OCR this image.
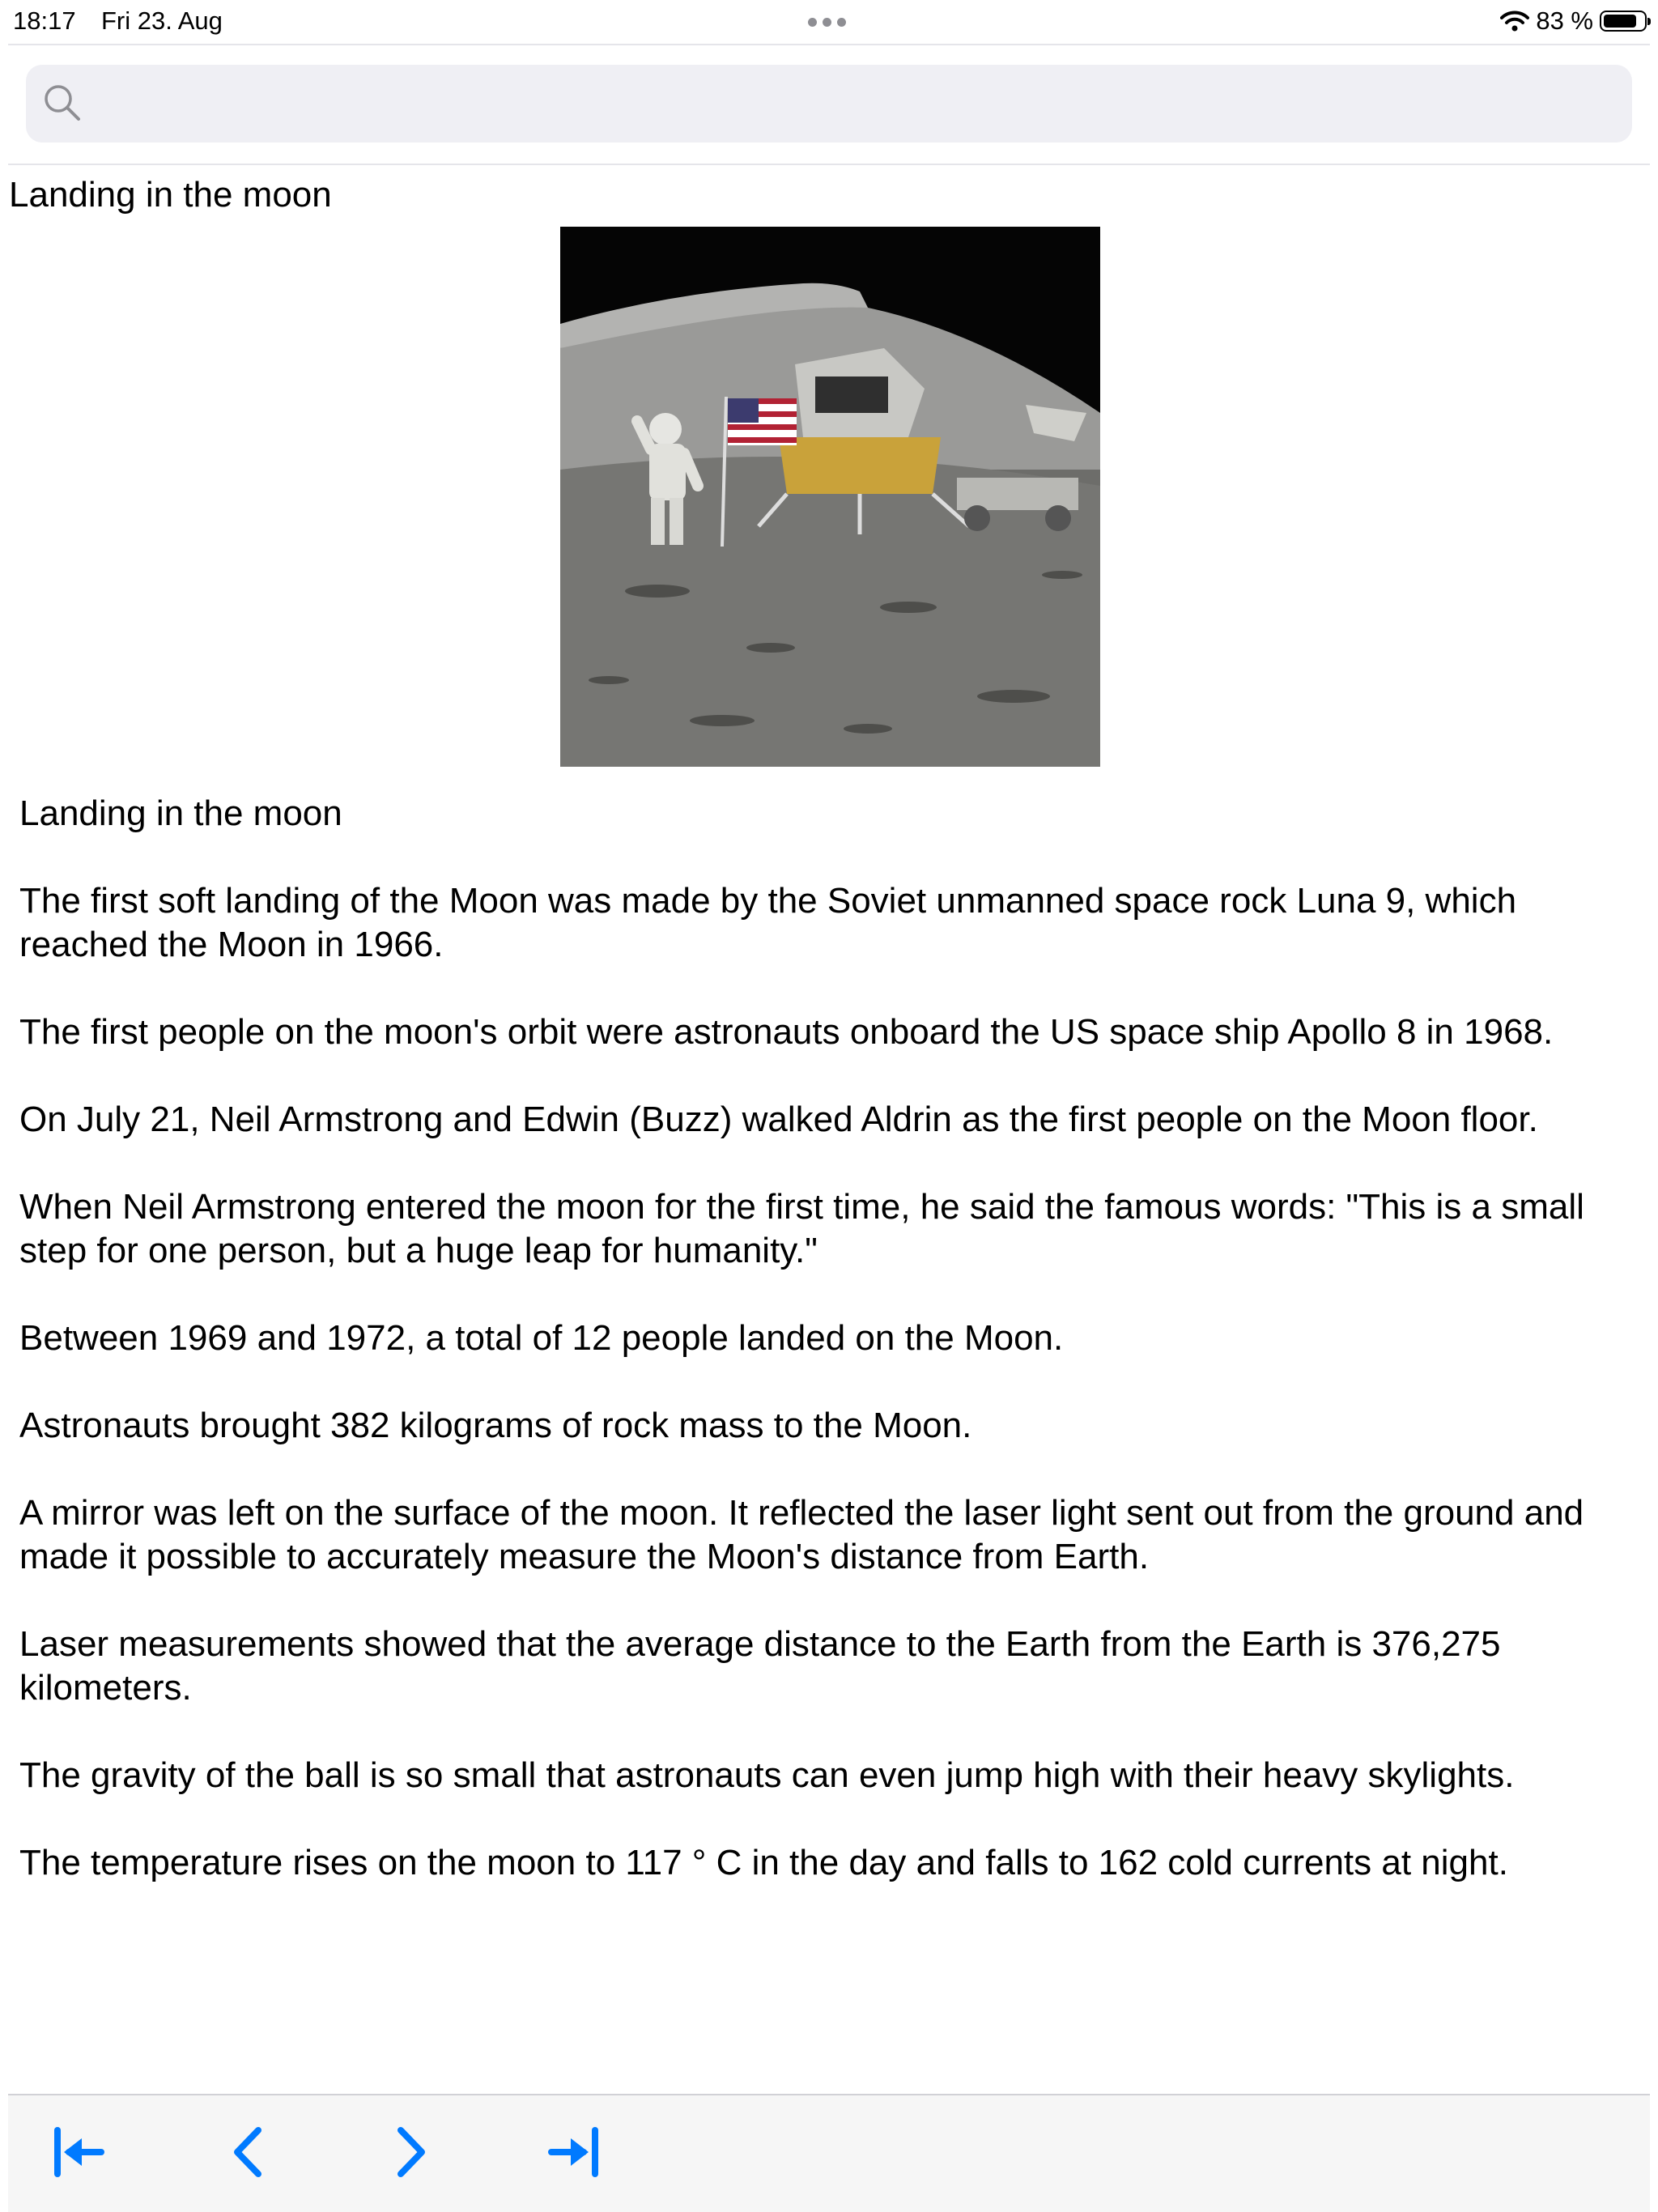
18:17 Fri 23. Aug	83 %
Landing in the moon

Landing in the moon

The first soft landing of the Moon was made by the Soviet unmanned space rock Luna 9, which reached the Moon in 1966.

The first people on the moon's orbit were astronauts onboard the US space ship Apollo 8 in 1968.

On July 21, Neil Armstrong and Edwin (Buzz) walked Aldrin as the first people on the Moon floor.

When Neil Armstrong entered the moon for the first time, he said the famous words: "This is a small step for one person, but a huge leap for humanity."

Between 1969 and 1972, a total of 12 people landed on the Moon.

Astronauts brought 382 kilograms of rock mass to the Moon.

A mirror was left on the surface of the moon. It reflected the laser light sent out from the ground and made it possible to accurately measure the Moon's distance from Earth.

Laser measurements showed that the average distance to the Earth from the Earth is 376,275 kilometers.

The gravity of the ball is so small that astronauts can even jump high with their heavy skylights.

The temperature rises on the moon to 117 ° C in the day and falls to 162 cold currents at night.
